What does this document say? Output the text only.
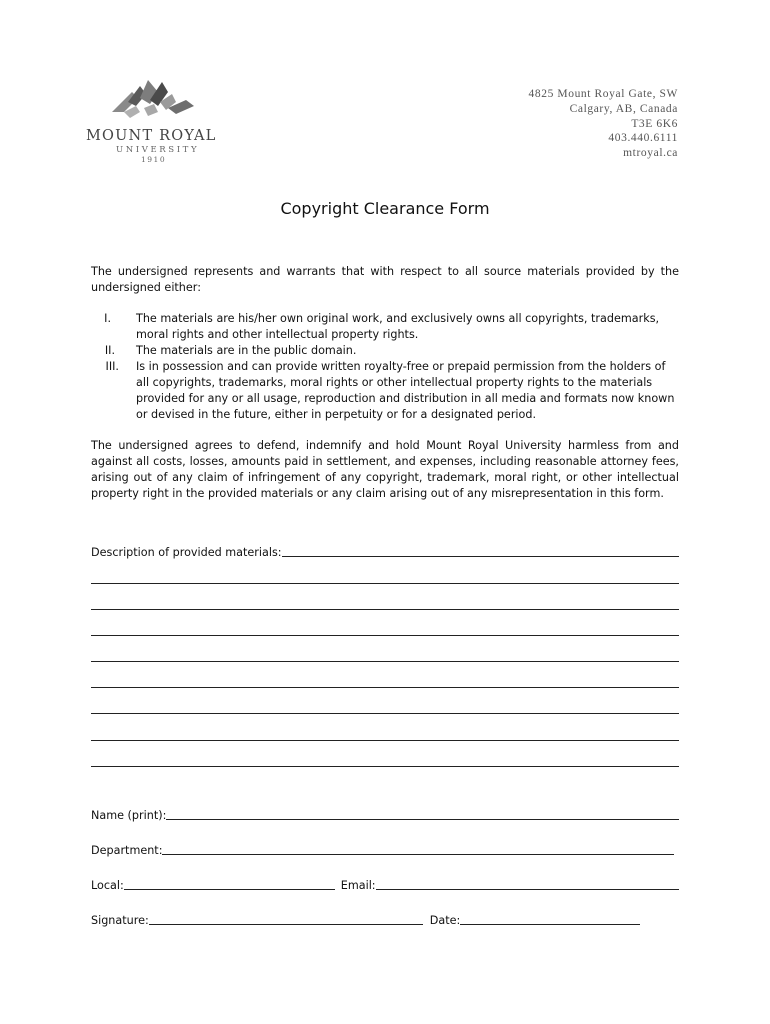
MOUNT ROYAL
UNIVERSITY
1910
4825 Mount Royal Gate, SW
Calgary, AB, Canada
T3E 6K6
403.440.6111
mtroyal.ca
Copyright Clearance Form
The undersigned represents and warrants that with respect to all source materials provided by the undersigned either:
I.	The materials are his/her own original work, and exclusively owns all copyrights, trademarks, moral rights and other intellectual property rights.
II.	The materials are in the public domain.
III.	Is in possession and can provide written royalty-free or prepaid permission from the holders of all copyrights, trademarks, moral rights or other intellectual property rights to the materials provided for any or all usage, reproduction and distribution in all media and formats now known or devised in the future, either in perpetuity or for a designated period.
The undersigned agrees to defend, indemnify and hold Mount Royal University harmless from and against all costs, losses, amounts paid in settlement, and expenses, including reasonable attorney fees, arising out of any claim of infringement of any copyright, trademark, moral right, or other intellectual property right in the provided materials or any claim arising out of any misrepresentation in this form.
Description of provided materials:
Name (print):
Department:
Local:	Email:
Signature:	Date:
